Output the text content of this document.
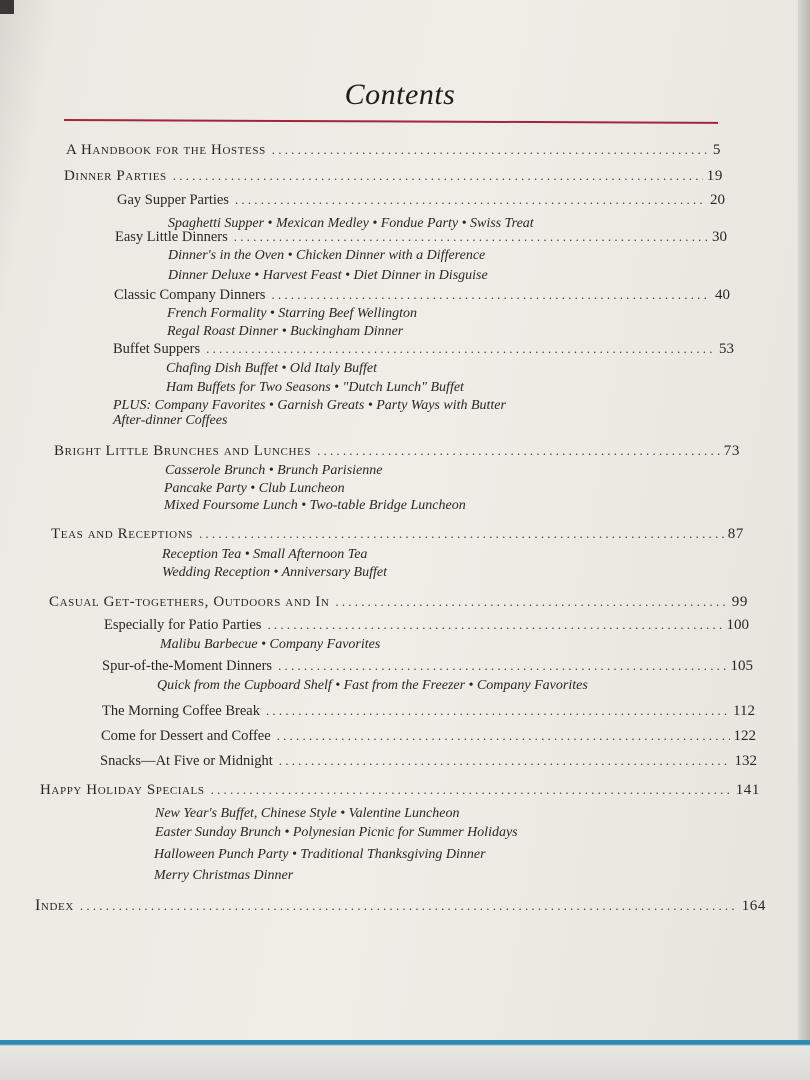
Contents
A Handbook for the Hostess .....	5
Dinner Parties .....	19
Gay Supper Parties .....	20
Spaghetti Supper • Mexican Medley • Fondue Party • Swiss Treat
Easy Little Dinners .....	30
Dinner's in the Oven • Chicken Dinner with a Difference
Dinner Deluxe • Harvest Feast • Diet Dinner in Disguise
Classic Company Dinners .....	40
French Formality • Starring Beef Wellington
Regal Roast Dinner • Buckingham Dinner
Buffet Suppers .....	53
Chafing Dish Buffet • Old Italy Buffet
Ham Buffets for Two Seasons • "Dutch Lunch" Buffet
PLUS: Company Favorites • Garnish Greats • Party Ways with Butter
After-dinner Coffees
Bright Little Brunches and Lunches .....	73
Casserole Brunch • Brunch Parisienne
Pancake Party • Club Luncheon
Mixed Foursome Lunch • Two-table Bridge Luncheon
Teas and Receptions .....	87
Reception Tea • Small Afternoon Tea
Wedding Reception • Anniversary Buffet
Casual Get-togethers, Outdoors and In .....	99
Especially for Patio Parties .....	100
Malibu Barbecue • Company Favorites
Spur-of-the-Moment Dinners .....	105
Quick from the Cupboard Shelf • Fast from the Freezer • Company Favorites
The Morning Coffee Break .....	112
Come for Dessert and Coffee .....	122
Snacks—At Five or Midnight .....	132
Happy Holiday Specials .....	141
New Year's Buffet, Chinese Style • Valentine Luncheon
Easter Sunday Brunch • Polynesian Picnic for Summer Holidays
Halloween Punch Party • Traditional Thanksgiving Dinner
Merry Christmas Dinner
Index .....	164
